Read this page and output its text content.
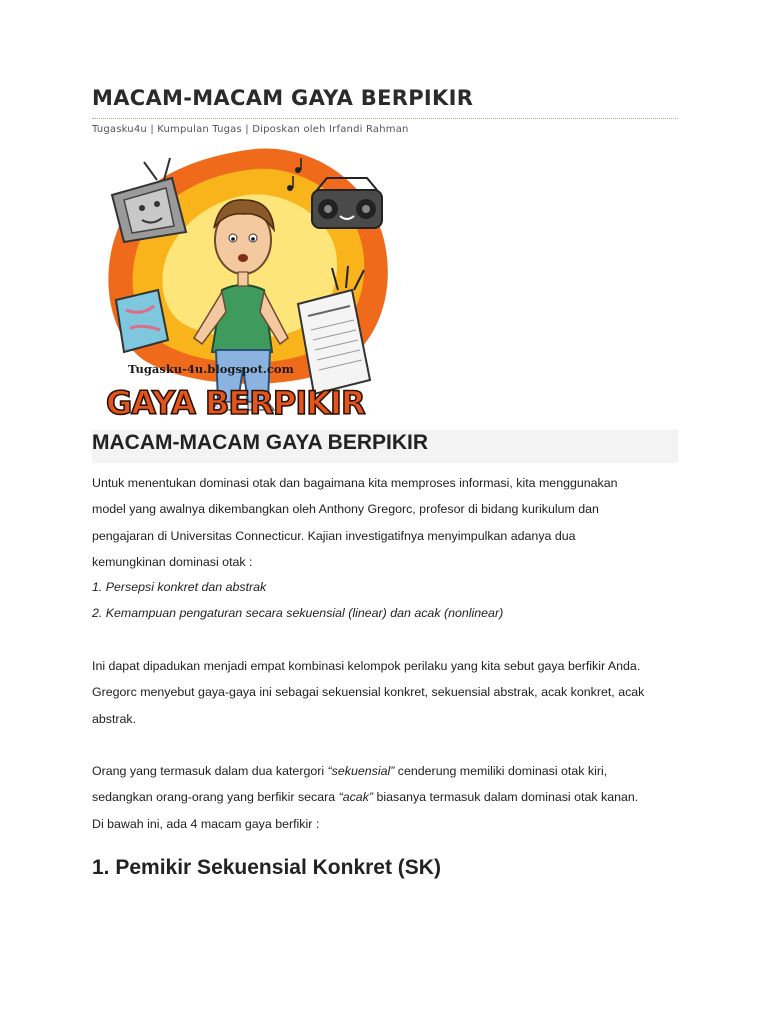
MACAM-MACAM GAYA BERPIKIR
Tugasku4u | Kumpulan Tugas | Diposkan oleh Irfandi Rahman
Tugasku-4u.blogspot.com
GAYA BERPIKIR
MACAM-MACAM GAYA BERPIKIR

Untuk menentukan dominasi otak dan bagaimana kita memproses informasi, kita menggunakan
model yang awalnya dikembangkan oleh Anthony Gregorc, profesor di bidang kurikulum dan
pengajaran di Universitas Connecticur. Kajian investigatifnya menyimpulkan adanya dua
kemungkinan dominasi otak :

1. Persepsi konkret dan abstrak

2. Kemampuan pengaturan secara sekuensial (linear) dan acak (nonlinear)

Ini dapat dipadukan menjadi empat kombinasi kelompok perilaku yang kita sebut gaya berfikir Anda.
Gregorc menyebut gaya-gaya ini sebagai sekuensial konkret, sekuensial abstrak, acak konkret, acak
abstrak.

Orang yang termasuk dalam dua katergori “sekuensial” cenderung memiliki dominasi otak kiri,
sedangkan orang-orang yang berfikir secara “acak” biasanya termasuk dalam dominasi otak kanan.
Di bawah ini, ada 4 macam gaya berfikir :

1. Pemikir Sekuensial Konkret (SK)
